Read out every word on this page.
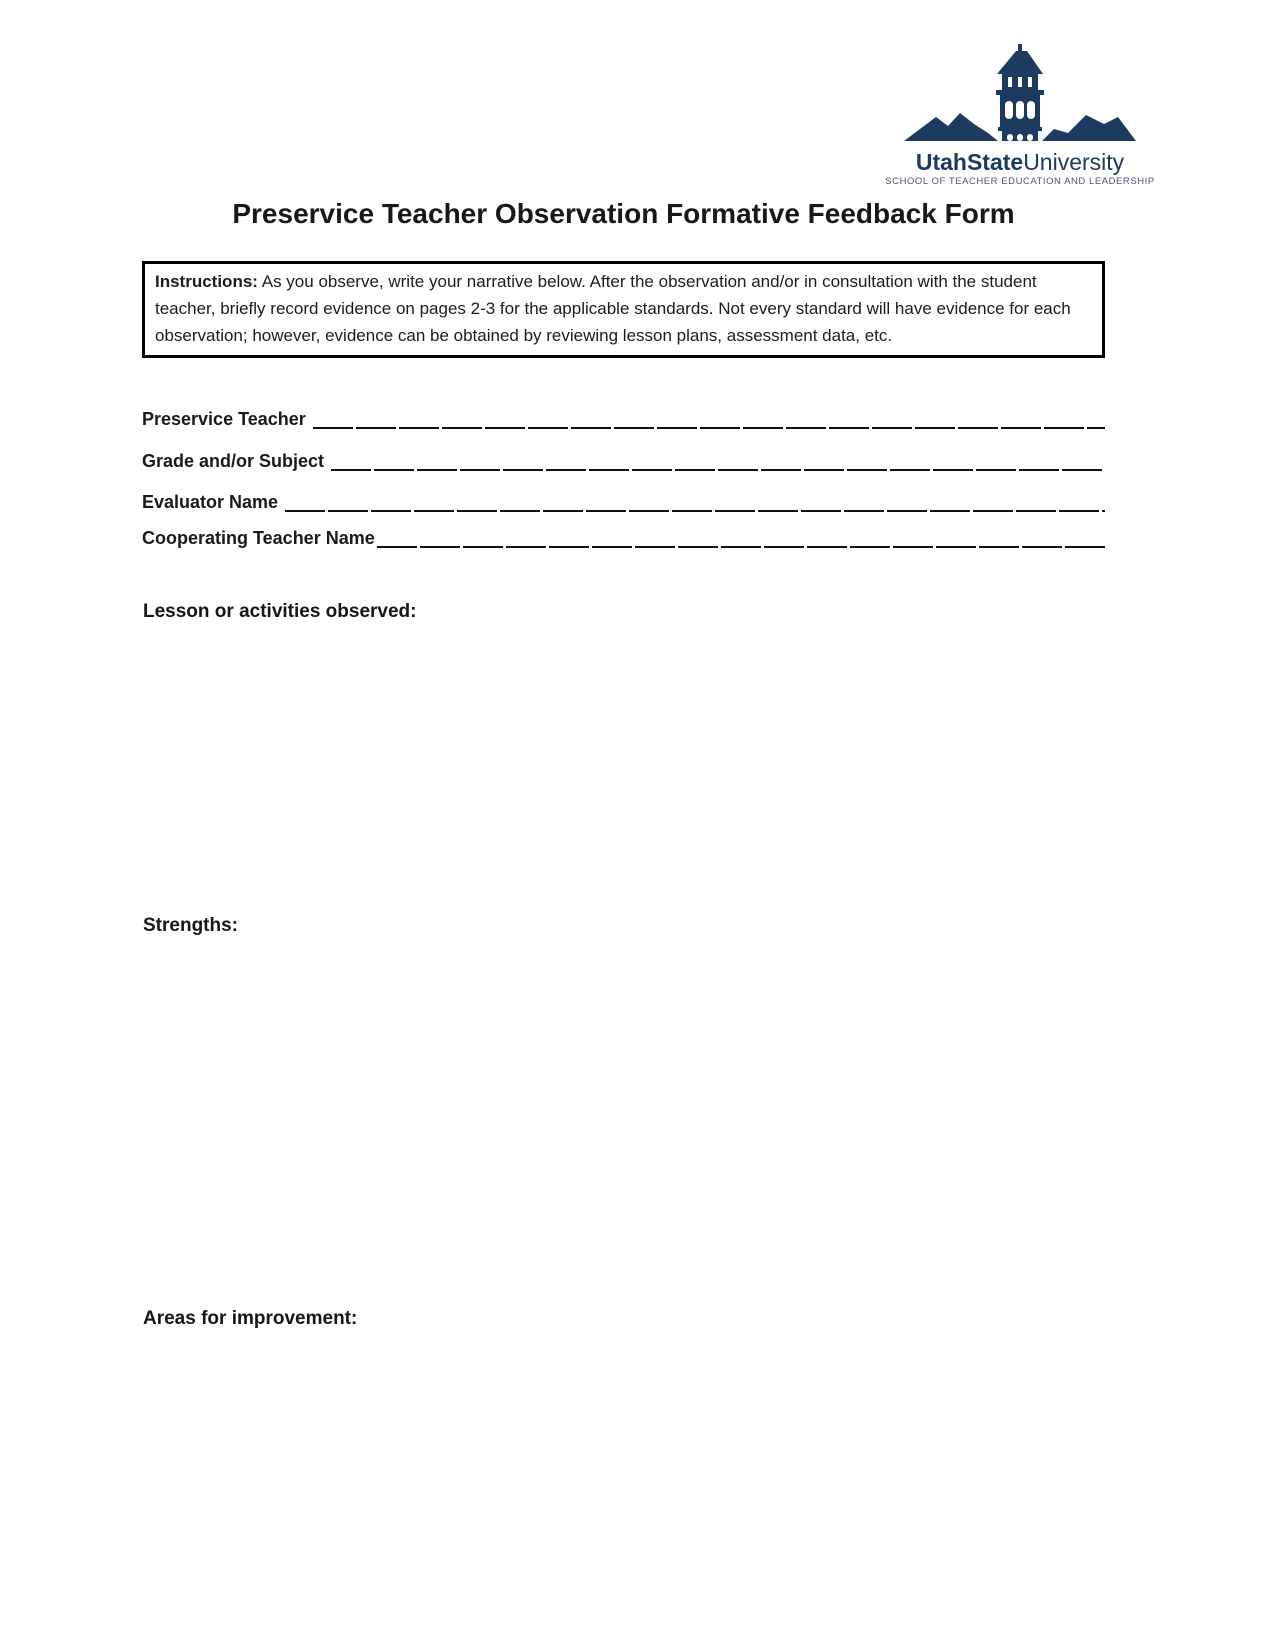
UtahStateUniversity
SCHOOL OF TEACHER EDUCATION AND LEADERSHIP
Preservice Teacher Observation Formative Feedback Form
Instructions: As you observe, write your narrative below. After the observation and/or in consultation with the student teacher, briefly record evidence on pages 2-3 for the applicable standards. Not every standard will have evidence for each observation; however, evidence can be obtained by reviewing lesson plans, assessment data, etc.
Preservice Teacher
Grade and/or Subject
Evaluator Name
Cooperating Teacher Name
Lesson or activities observed:
Strengths:
Areas for improvement:
